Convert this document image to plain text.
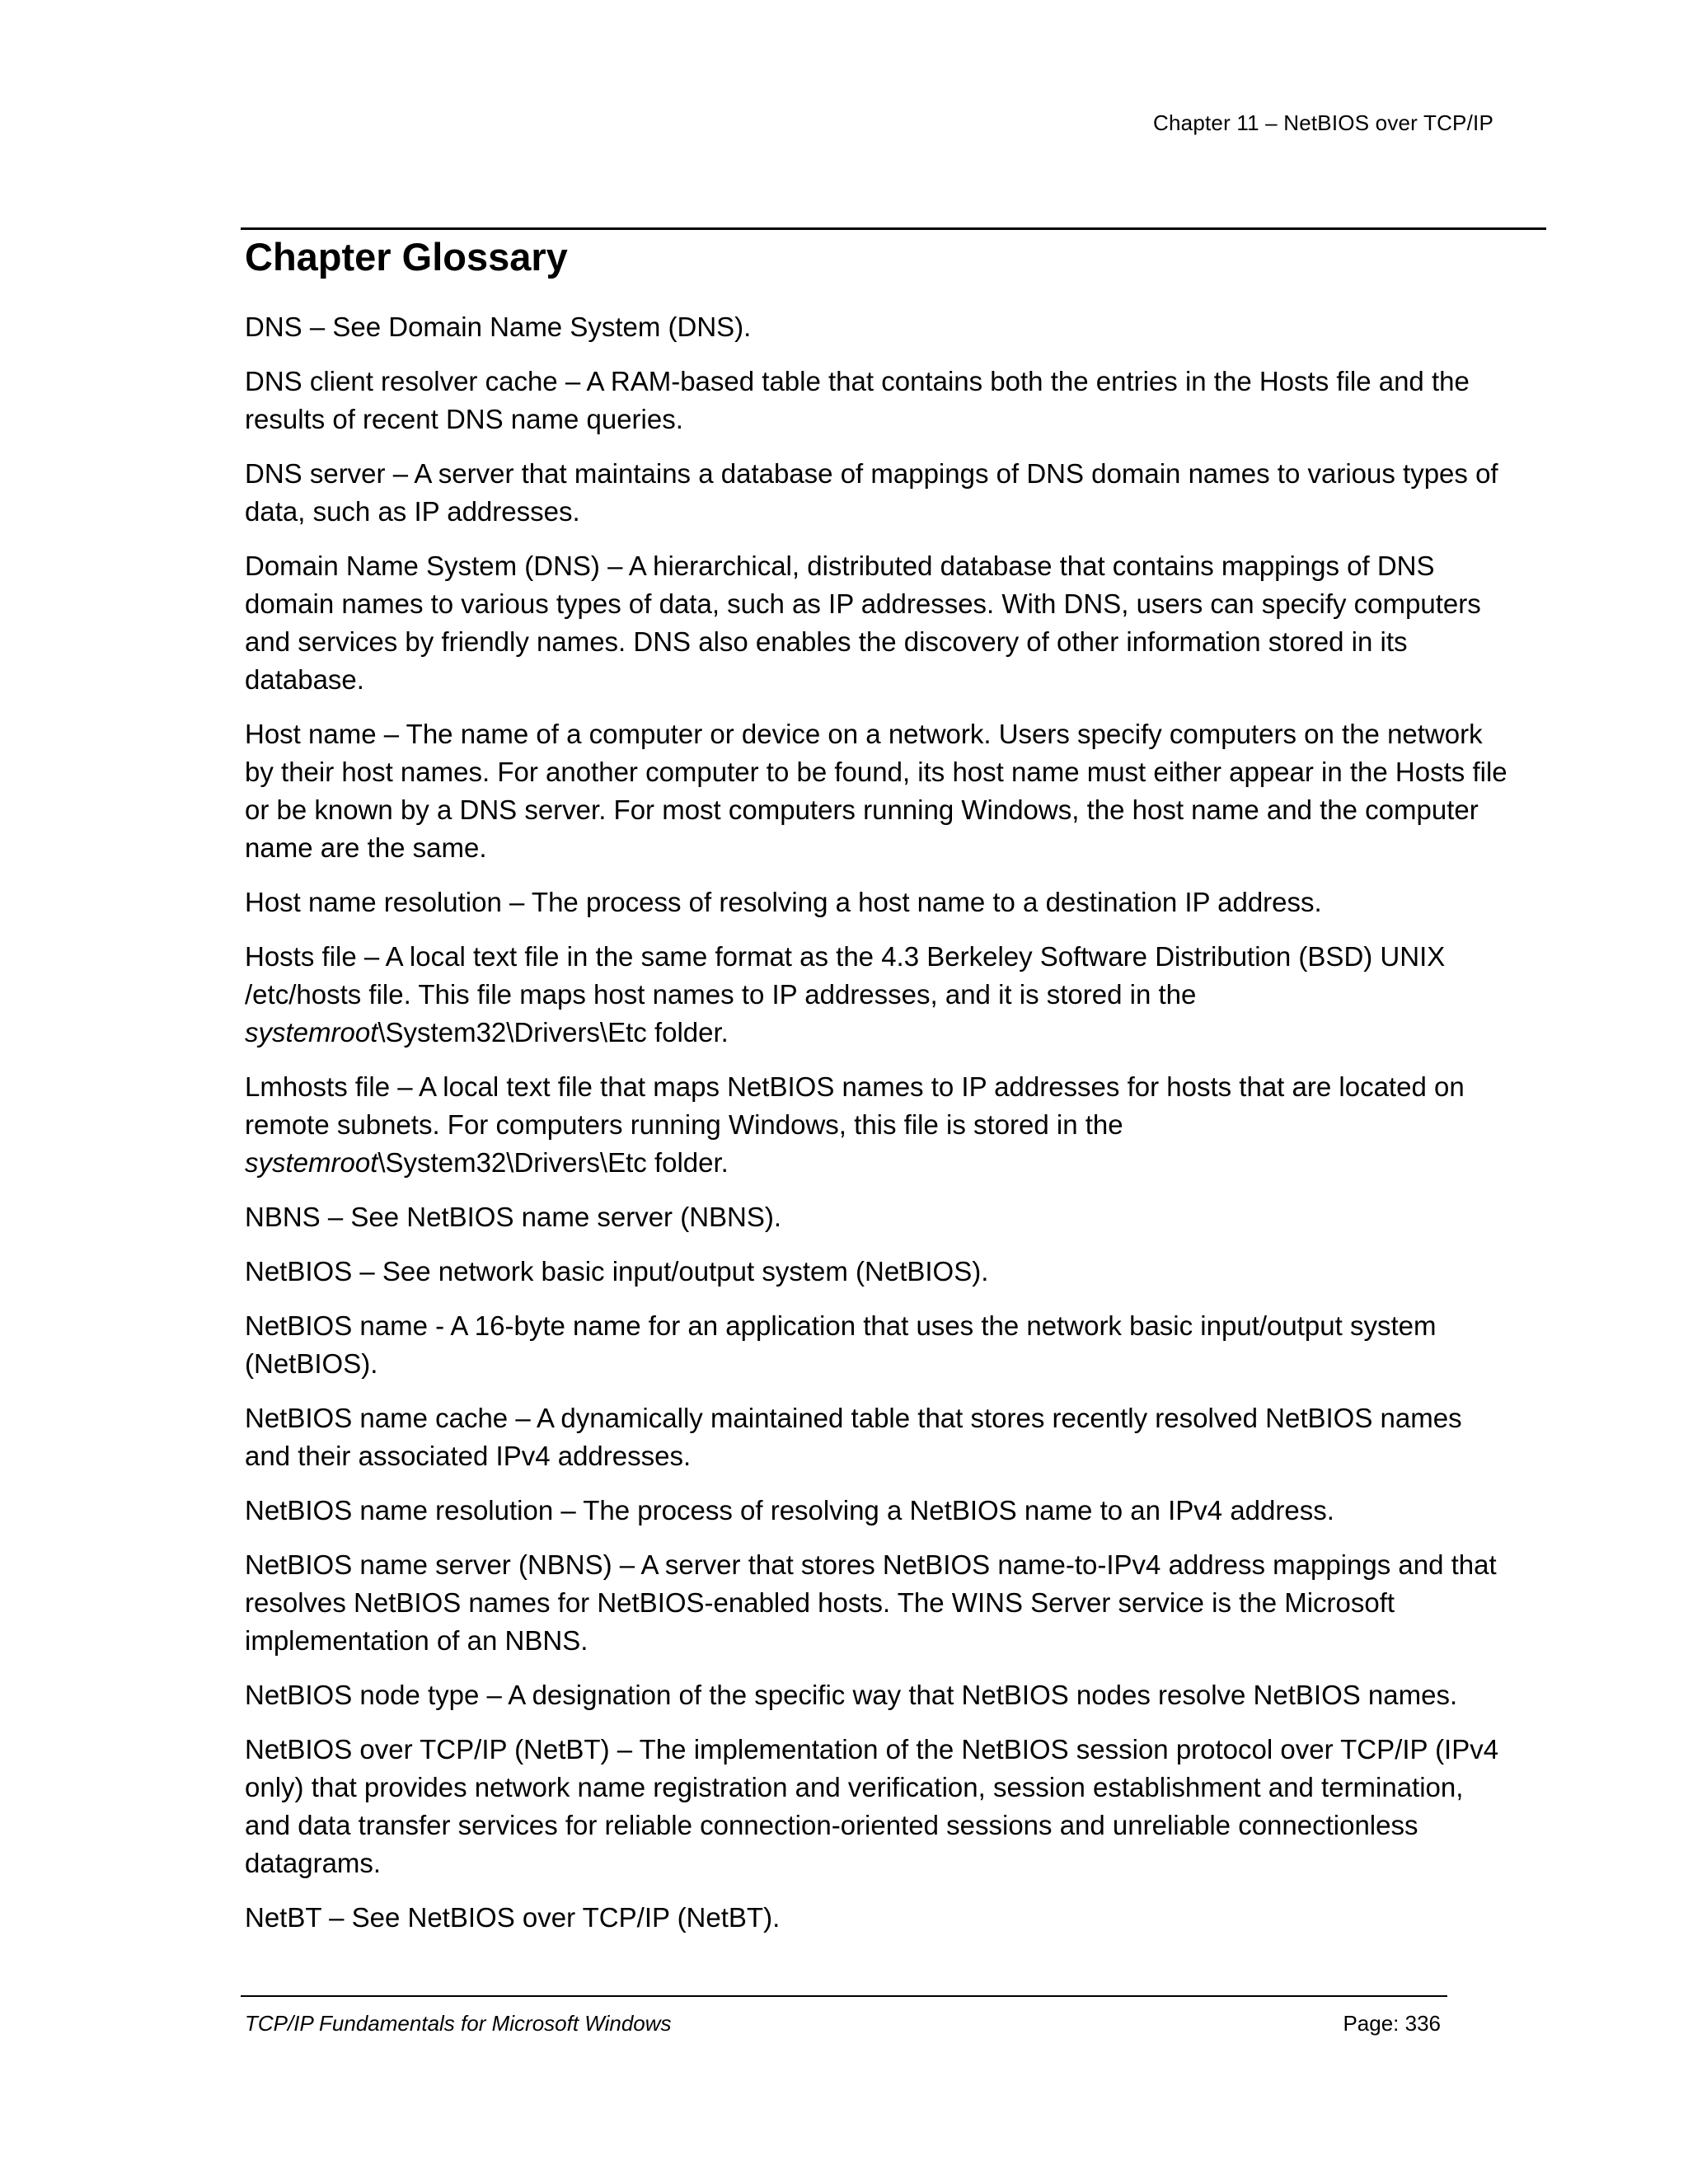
Chapter 11 – NetBIOS over TCP/IP
Chapter Glossary

DNS – See Domain Name System (DNS).

DNS client resolver cache – A RAM-based table that contains both the entries in the Hosts file and the results of recent DNS name queries.

DNS server – A server that maintains a database of mappings of DNS domain names to various types of data, such as IP addresses.

Domain Name System (DNS) – A hierarchical, distributed database that contains mappings of DNS domain names to various types of data, such as IP addresses. With DNS, users can specify computers and services by friendly names. DNS also enables the discovery of other information stored in its database.

Host name – The name of a computer or device on a network. Users specify computers on the network by their host names. For another computer to be found, its host name must either appear in the Hosts file or be known by a DNS server. For most computers running Windows, the host name and the computer name are the same.

Host name resolution – The process of resolving a host name to a destination IP address.

Hosts file – A local text file in the same format as the 4.3 Berkeley Software Distribution (BSD) UNIX /etc/hosts file. This file maps host names to IP addresses, and it is stored in the
systemroot\System32\Drivers\Etc folder.

Lmhosts file – A local text file that maps NetBIOS names to IP addresses for hosts that are located on remote subnets. For computers running Windows, this file is stored in the
systemroot\System32\Drivers\Etc folder.

NBNS – See NetBIOS name server (NBNS).

NetBIOS – See network basic input/output system (NetBIOS).

NetBIOS name - A 16-byte name for an application that uses the network basic input/output system (NetBIOS).

NetBIOS name cache – A dynamically maintained table that stores recently resolved NetBIOS names and their associated IPv4 addresses.

NetBIOS name resolution – The process of resolving a NetBIOS name to an IPv4 address.

NetBIOS name server (NBNS) – A server that stores NetBIOS name-to-IPv4 address mappings and that resolves NetBIOS names for NetBIOS-enabled hosts. The WINS Server service is the Microsoft implementation of an NBNS.

NetBIOS node type – A designation of the specific way that NetBIOS nodes resolve NetBIOS names.

NetBIOS over TCP/IP (NetBT) – The implementation of the NetBIOS session protocol over TCP/IP (IPv4 only) that provides network name registration and verification, session establishment and termination, and data transfer services for reliable connection-oriented sessions and unreliable connectionless datagrams.

NetBT – See NetBIOS over TCP/IP (NetBT).

TCP/IP Fundamentals for Microsoft Windows	Page: 336
